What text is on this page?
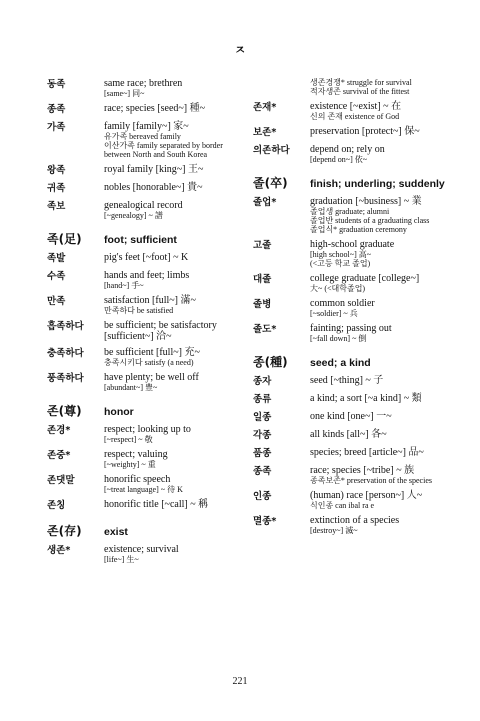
ㅈ
동족	same race; brethren
[same~] 同~
종족	race; species [seed~] 種~
가족	family [family~] 家~
유가족 bereaved family
이산가족 family separated by border between North and South Korea
왕족	royal family [king~] 王~
귀족	nobles [honorable~] 貴~
족보	genealogical record
[~genealogy] ~ 譜
족(足)	foot; sufficient
족발	pig's feet [~foot] ~ K
수족	hands and feet; limbs
[hand~] 手~
만족	satisfaction [full~] 滿~
만족하다 be satisfied
흡족하다	be sufficient; be satisfactory [sufficient~] 洽~
충족하다	be sufficient [full~] 充~
충족시키다 satisfy (a need)
풍족하다	have plenty; be well off
[abundant~] 豊~
존(尊)	honor
존경*	respect; looking up to
[~respect] ~ 敬
존중*	respect; valuing
[~weighty] ~ 重
존댓말	honorific speech
[~treat language] ~ 待 K
존칭	honorific title [~call] ~ 稱
존(存)	exist
생존*	existence; survival
[life~] 生~
생존경쟁* struggle for survival
적자생존 survival of the fittest
존재*	existence [~exist] ~ 在
신의 존재 existence of God
보존*	preservation [protect~] 保~
의존하다	depend on; rely on
[depend on~] 依~
졸(卒)	finish; underling; suddenly
졸업*	graduation [~business] ~ 業
졸업생 graduate; alumni
졸업반 students of a graduating class
졸업식* graduation ceremony
고졸	high-school graduate
[high school~] 高~
(<고등 학교 졸업)
대졸	college graduate [college~]
大~ (<대학졸업)
졸병	common soldier
[~soldier] ~ 兵
졸도*	fainting; passing out
[~fall down] ~ 倒
종(種)	seed; a kind
종자	seed [~thing] ~ 子
종류	a kind; a sort [~a kind] ~ 類
일종	one kind [one~] 一~
각종	all kinds [all~] 各~
품종	species; breed [article~] 品~
종족	race; species [~tribe] ~ 族
종족보존* preservation of the species
인종	(human) race [person~] 人~
식인종 can ibal ra e
멸종*	extinction of a species
[destroy~] 滅~
221
